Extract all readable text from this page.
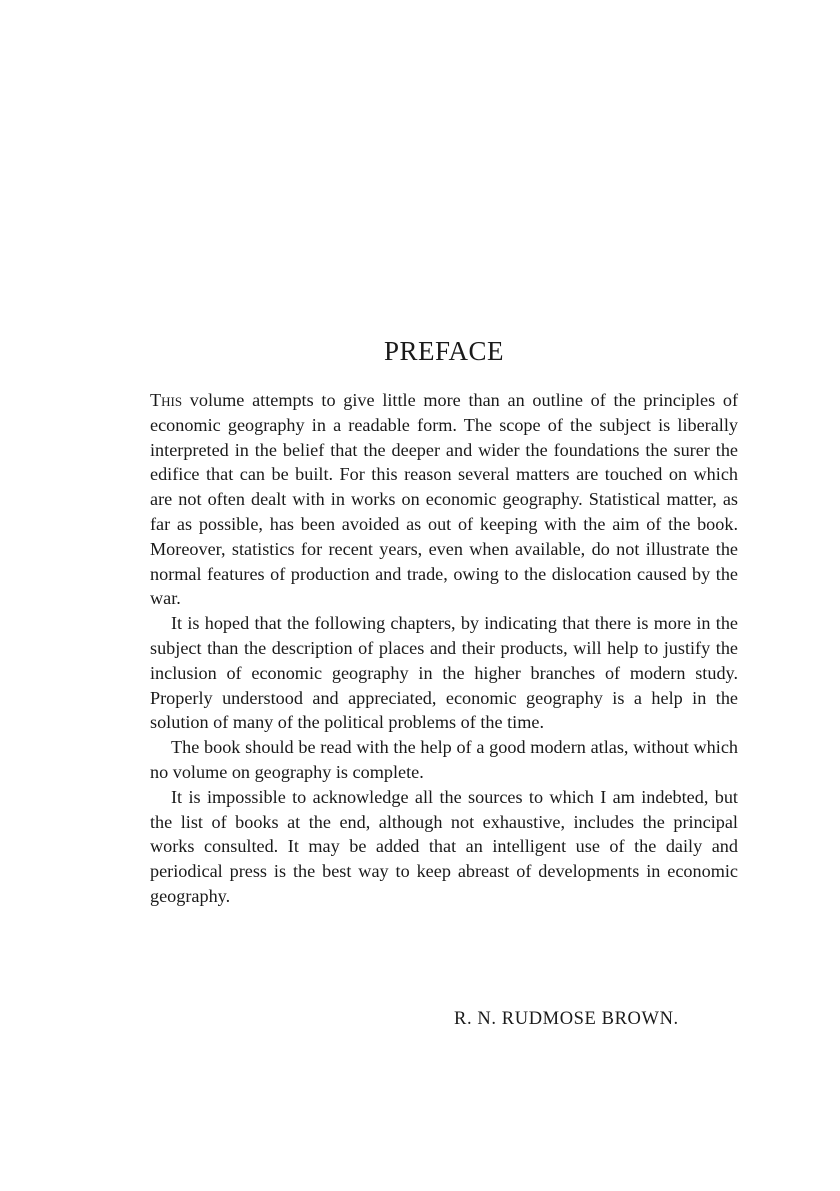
PREFACE

This volume attempts to give little more than an outline of the principles of economic geography in a readable form. The scope of the subject is liberally interpreted in the belief that the deeper and wider the foundations the surer the edifice that can be built. For this reason several matters are touched on which are not often dealt with in works on economic geography. Statistical matter, as far as possible, has been avoided as out of keeping with the aim of the book. Moreover, statistics for recent years, even when available, do not illustrate the normal features of production and trade, owing to the dislocation caused by the war.

It is hoped that the following chapters, by indicating that there is more in the subject than the description of places and their products, will help to justify the inclusion of economic geography in the higher branches of modern study. Properly understood and appreciated, economic geography is a help in the solution of many of the political problems of the time.

The book should be read with the help of a good modern atlas, without which no volume on geography is complete.

It is impossible to acknowledge all the sources to which I am indebted, but the list of books at the end, although not exhaustive, includes the principal works consulted. It may be added that an intelligent use of the daily and periodical press is the best way to keep abreast of developments in economic geography.

R. N. RUDMOSE BROWN.
